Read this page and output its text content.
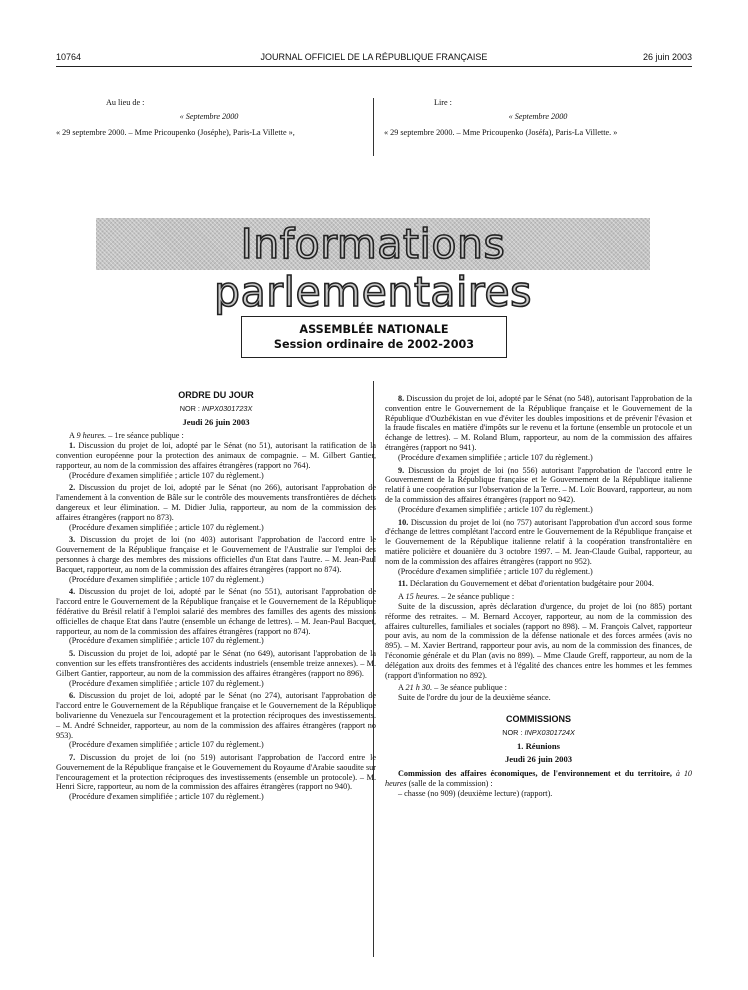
10764	JOURNAL OFFICIEL DE LA RÉPUBLIQUE FRANÇAISE	26 juin 2003
Au lieu de :
« Septembre 2000
« 29 septembre 2000. – Mme Pricoupenko (Joséphe), Paris-La Villette »,
Lire :
« Septembre 2000
« 29 septembre 2000. – Mme Pricoupenko (Joséfa), Paris-La Villette. »
Informations parlementaires
ASSEMBLÉE NATIONALE
Session ordinaire de 2002-2003
ORDRE DU JOUR
NOR : INPX0301723X
Jeudi 26 juin 2003

A 9 heures. – 1re séance publique :

1. Discussion du projet de loi, adopté par le Sénat (no 51), autorisant la ratification de la convention européenne pour la protection des animaux de compagnie. – M. Gilbert Gantier, rapporteur, au nom de la commission des affaires étrangères (rapport no 764).

(Procédure d'examen simplifiée ; article 107 du règlement.)

2. Discussion du projet de loi, adopté par le Sénat (no 266), autorisant l'approbation de l'amendement à la convention de Bâle sur le contrôle des mouvements transfrontières de déchets dangereux et leur élimination. – M. Didier Julia, rapporteur, au nom de la commission des affaires étrangères (rapport no 873).

(Procédure d'examen simplifiée ; article 107 du règlement.)

3. Discussion du projet de loi (no 403) autorisant l'approbation de l'accord entre le Gouvernement de la République française et le Gouvernement de l'Australie sur l'emploi des personnes à charge des membres des missions officielles d'un Etat dans l'autre. – M. Jean-Paul Bacquet, rapporteur, au nom de la commission des affaires étrangères (rapport no 874).

(Procédure d'examen simplifiée ; article 107 du règlement.)

4. Discussion du projet de loi, adopté par le Sénat (no 551), autorisant l'approbation de l'accord entre le Gouvernement de la République française et le Gouvernement de la République fédérative du Brésil relatif à l'emploi salarié des membres des familles des agents des missions officielles de chaque Etat dans l'autre (ensemble un échange de lettres). – M. Jean-Paul Bacquet, rapporteur, au nom de la commission des affaires étrangères (rapport no 874).

(Procédure d'examen simplifiée ; article 107 du règlement.)

5. Discussion du projet de loi, adopté par le Sénat (no 649), autorisant l'approbation de la convention sur les effets transfrontières des accidents industriels (ensemble treize annexes). – M. Gilbert Gantier, rapporteur, au nom de la commission des affaires étrangères (rapport no 896).

(Procédure d'examen simplifiée ; article 107 du règlement.)

6. Discussion du projet de loi, adopté par le Sénat (no 274), autorisant l'approbation de l'accord entre le Gouvernement de la République française et le Gouvernement de la République bolivarienne du Venezuela sur l'encouragement et la protection réciproques des investissements. – M. André Schneider, rapporteur, au nom de la commission des affaires étrangères (rapport no 953).

(Procédure d'examen simplifiée ; article 107 du règlement.)

7. Discussion du projet de loi (no 519) autorisant l'approbation de l'accord entre le Gouvernement de la République française et le Gouvernement du Royaume d'Arabie saoudite sur l'encouragement et la protection réciproques des investissements (ensemble un protocole). – M. Henri Sicre, rapporteur, au nom de la commission des affaires étrangères (rapport no 940).

(Procédure d'examen simplifiée ; article 107 du règlement.)

8. Discussion du projet de loi, adopté par le Sénat (no 548), autorisant l'approbation de la convention entre le Gouvernement de la République française et le Gouvernement de la République d'Ouzbékistan en vue d'éviter les doubles impositions et de prévenir l'évasion et la fraude fiscales en matière d'impôts sur le revenu et la fortune (ensemble un protocole et un échange de lettres). – M. Roland Blum, rapporteur, au nom de la commission des affaires étrangères (rapport no 941).

(Procédure d'examen simplifiée ; article 107 du règlement.)

9. Discussion du projet de loi (no 556) autorisant l'approbation de l'accord entre le Gouvernement de la République française et le Gouvernement de la République italienne relatif à une coopération sur l'observation de la Terre. – M. Loïc Bouvard, rapporteur, au nom de la commission des affaires étrangères (rapport no 942).

(Procédure d'examen simplifiée ; article 107 du règlement.)

10. Discussion du projet de loi (no 757) autorisant l'approbation d'un accord sous forme d'échange de lettres complétant l'accord entre le Gouvernement de la République française et le Gouvernement de la République italienne relatif à la coopération transfrontalière en matière policière et douanière du 3 octobre 1997. – M. Jean-Claude Guibal, rapporteur, au nom de la commission des affaires étrangères (rapport no 952).

(Procédure d'examen simplifiée ; article 107 du règlement.)

11. Déclaration du Gouvernement et débat d'orientation budgétaire pour 2004.

A 15 heures. – 2e séance publique :

Suite de la discussion, après déclaration d'urgence, du projet de loi (no 885) portant réforme des retraites. – M. Bernard Accoyer, rapporteur, au nom de la commission des affaires culturelles, familiales et sociales (rapport no 898). – M. François Calvet, rapporteur pour avis, au nom de la commission de la défense nationale et des forces armées (avis no 895). – M. Xavier Bertrand, rapporteur pour avis, au nom de la commission des finances, de l'économie générale et du Plan (avis no 899). – Mme Claude Greff, rapporteur, au nom de la délégation aux droits des femmes et à l'égalité des chances entre les hommes et les femmes (rapport d'information no 892).

A 21 h 30. – 3e séance publique :

Suite de l'ordre du jour de la deuxième séance.

COMMISSIONS
NOR : INPX0301724X
1. Réunions
Jeudi 26 juin 2003

Commission des affaires économiques, de l'environnement et du territoire, à 10 heures (salle de la commission) :

– chasse (no 909) (deuxième lecture) (rapport).
